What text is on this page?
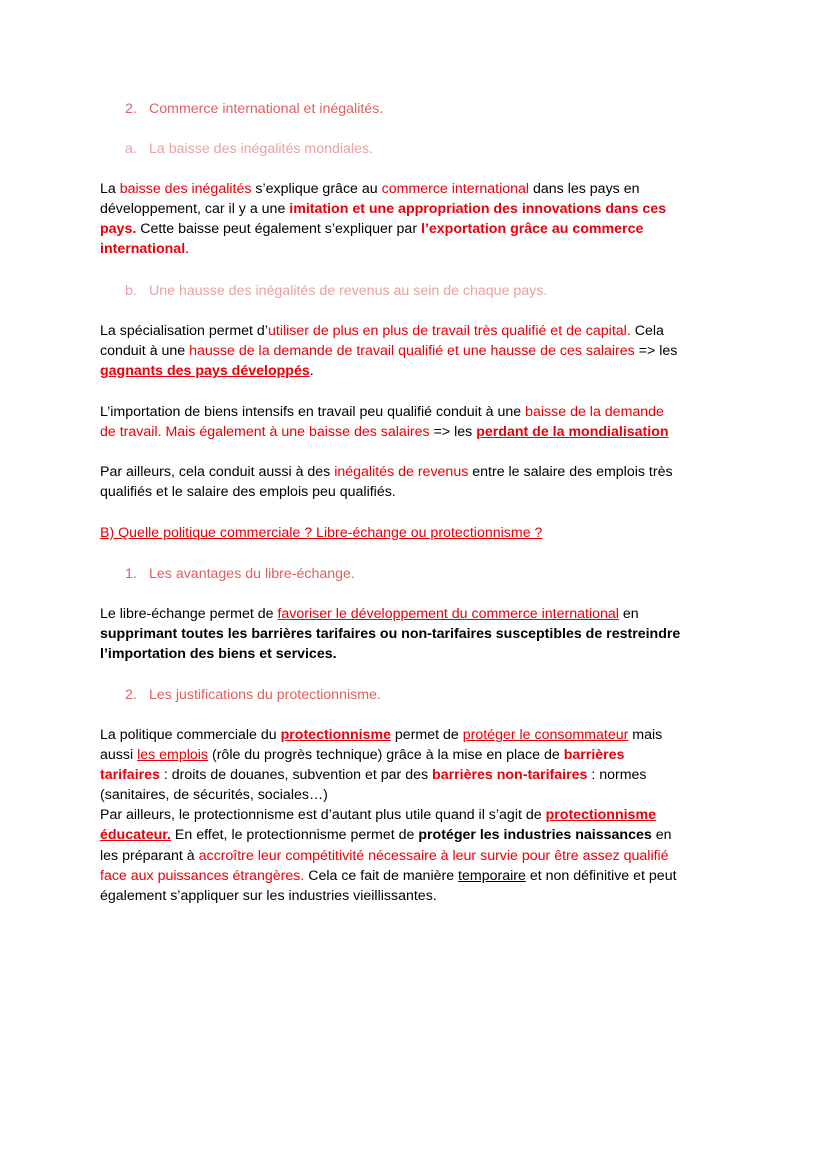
2. Commerce international et inégalités.
a. La baisse des inégalités mondiales.
La baisse des inégalités s’explique grâce au commerce international dans les pays en
développement, car il y a une imitation et une appropriation des innovations dans ces
pays. Cette baisse peut également s’expliquer par l’exportation grâce au commerce
international.
b. Une hausse des inégalités de revenus au sein de chaque pays.
La spécialisation permet d’utiliser de plus en plus de travail très qualifié et de capital. Cela
conduit à une hausse de la demande de travail qualifié et une hausse de ces salaires => les
gagnants des pays développés.
L’importation de biens intensifs en travail peu qualifié conduit à une baisse de la demande
de travail. Mais également à une baisse des salaires => les perdant de la mondialisation
Par ailleurs, cela conduit aussi à des inégalités de revenus entre le salaire des emplois très
qualifiés et le salaire des emplois peu qualifiés.
B) Quelle politique commerciale ? Libre-échange ou protectionnisme ?
1. Les avantages du libre-échange.
Le libre-échange permet de favoriser le développement du commerce international en
supprimant toutes les barrières tarifaires ou non-tarifaires susceptibles de restreindre
l’importation des biens et services.
2. Les justifications du protectionnisme.
La politique commerciale du protectionnisme permet de protéger le consommateur mais
aussi les emplois (rôle du progrès technique) grâce à la mise en place de barrières
tarifaires : droits de douanes, subvention et par des barrières non-tarifaires : normes
(sanitaires, de sécurités, sociales…)
Par ailleurs, le protectionnisme est d’autant plus utile quand il s’agit de protectionnisme
éducateur. En effet, le protectionnisme permet de protéger les industries naissances en
les préparant à accroître leur compétitivité nécessaire à leur survie pour être assez qualifié
face aux puissances étrangères. Cela ce fait de manière temporaire et non définitive et peut
également s’appliquer sur les industries vieillissantes.
